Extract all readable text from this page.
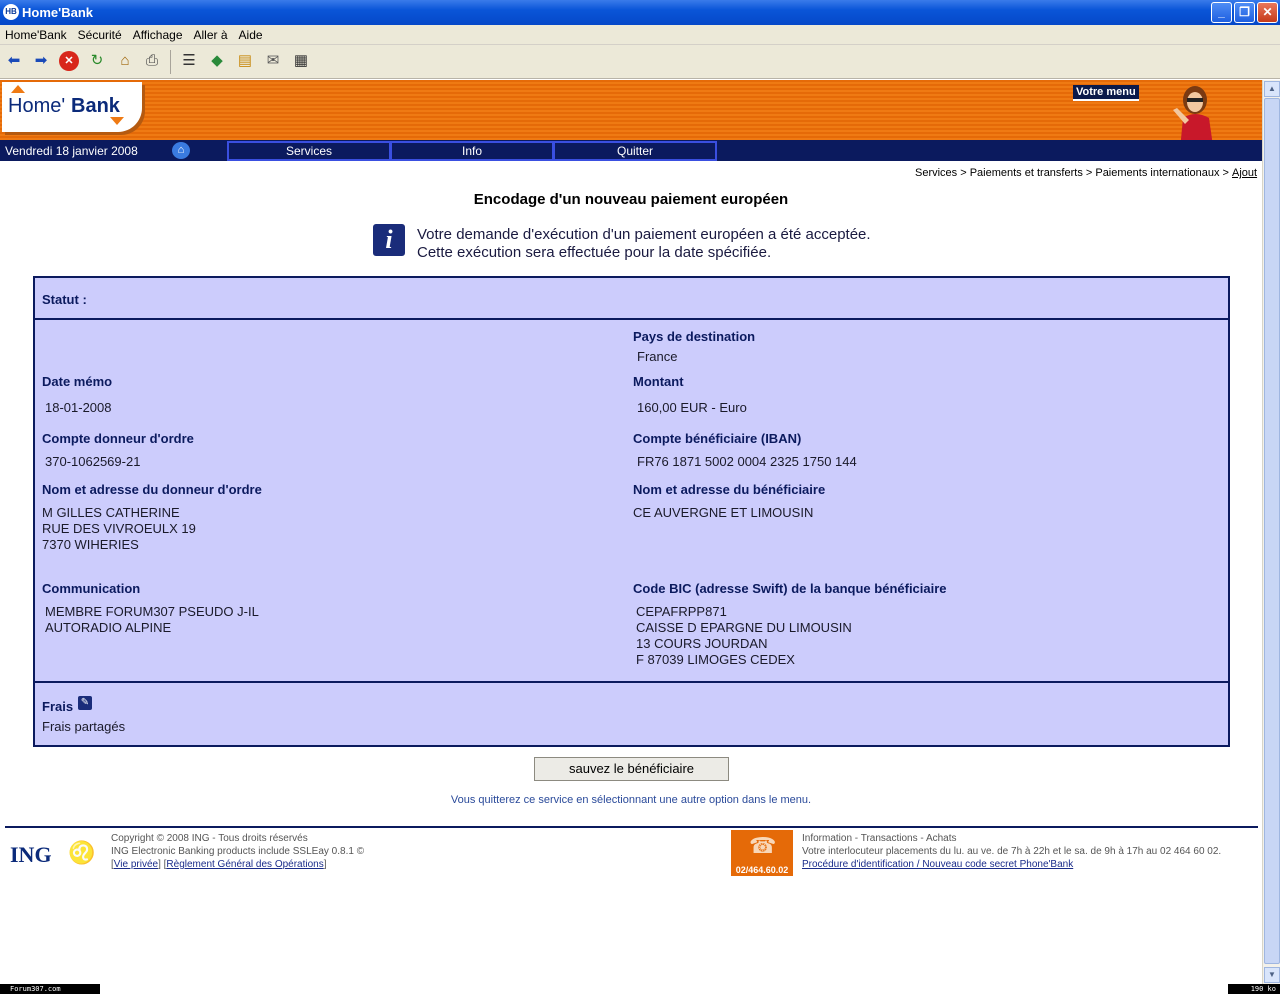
HB Home'Bank	_	❐	✕
Home'Bank Sécurité Affichage Aller à Aide
⬅ ➡	✕	↻	⌂	⎙ ☰ ◆ ▤ ✉ ▦
Home' Bank
Votre menu
Vendredi 18 janvier 2008	⌂	Services	Info	Quitter
Services > Paiements et transferts > Paiements internationaux > Ajout
Encodage d'un nouveau paiement européen
i	Votre demande d'exécution d'un paiement européen a été acceptée.
Cette exécution sera effectuée pour la date spécifiée.
Statut :
Pays de destination
France
Date mémo
18-01-2008
Montant
160,00 EUR - Euro
Compte donneur d'ordre
370-1062569-21
Compte bénéficiaire (IBAN)
FR76 1871 5002 0004 2325 1750 144
Nom et adresse du donneur d'ordre
M GILLES CATHERINE
RUE DES VIVROEULX 19
7370 WIHERIES
Nom et adresse du bénéficiaire
CE AUVERGNE ET LIMOUSIN
Communication
MEMBRE FORUM307 PSEUDO J-IL
AUTORADIO ALPINE
Code BIC (adresse Swift) de la banque bénéficiaire
CEPAFRPP871
CAISSE D EPARGNE DU LIMOUSIN
13 COURS JOURDAN
F 87039 LIMOGES CEDEX
Frais ✎
Frais partagés
sauvez le bénéficiaire
Vous quitterez ce service en sélectionnant une autre option dans le menu.
ING ♌
Copyright © 2008 ING - Tous droits réservés
ING Electronic Banking products include SSLEay 0.8.1 ©
[Vie privée] [Règlement Général des Opérations]
☎
02/464.60.02
Information - Transactions - Achats
Votre interlocuteur placements du lu. au ve. de 7h à 22h et le sa. de 9h à 17h au 02 464 60 02.
Procédure d'identification / Nouveau code secret Phone'Bank
▲
▼
Forum307.com	190 ko
